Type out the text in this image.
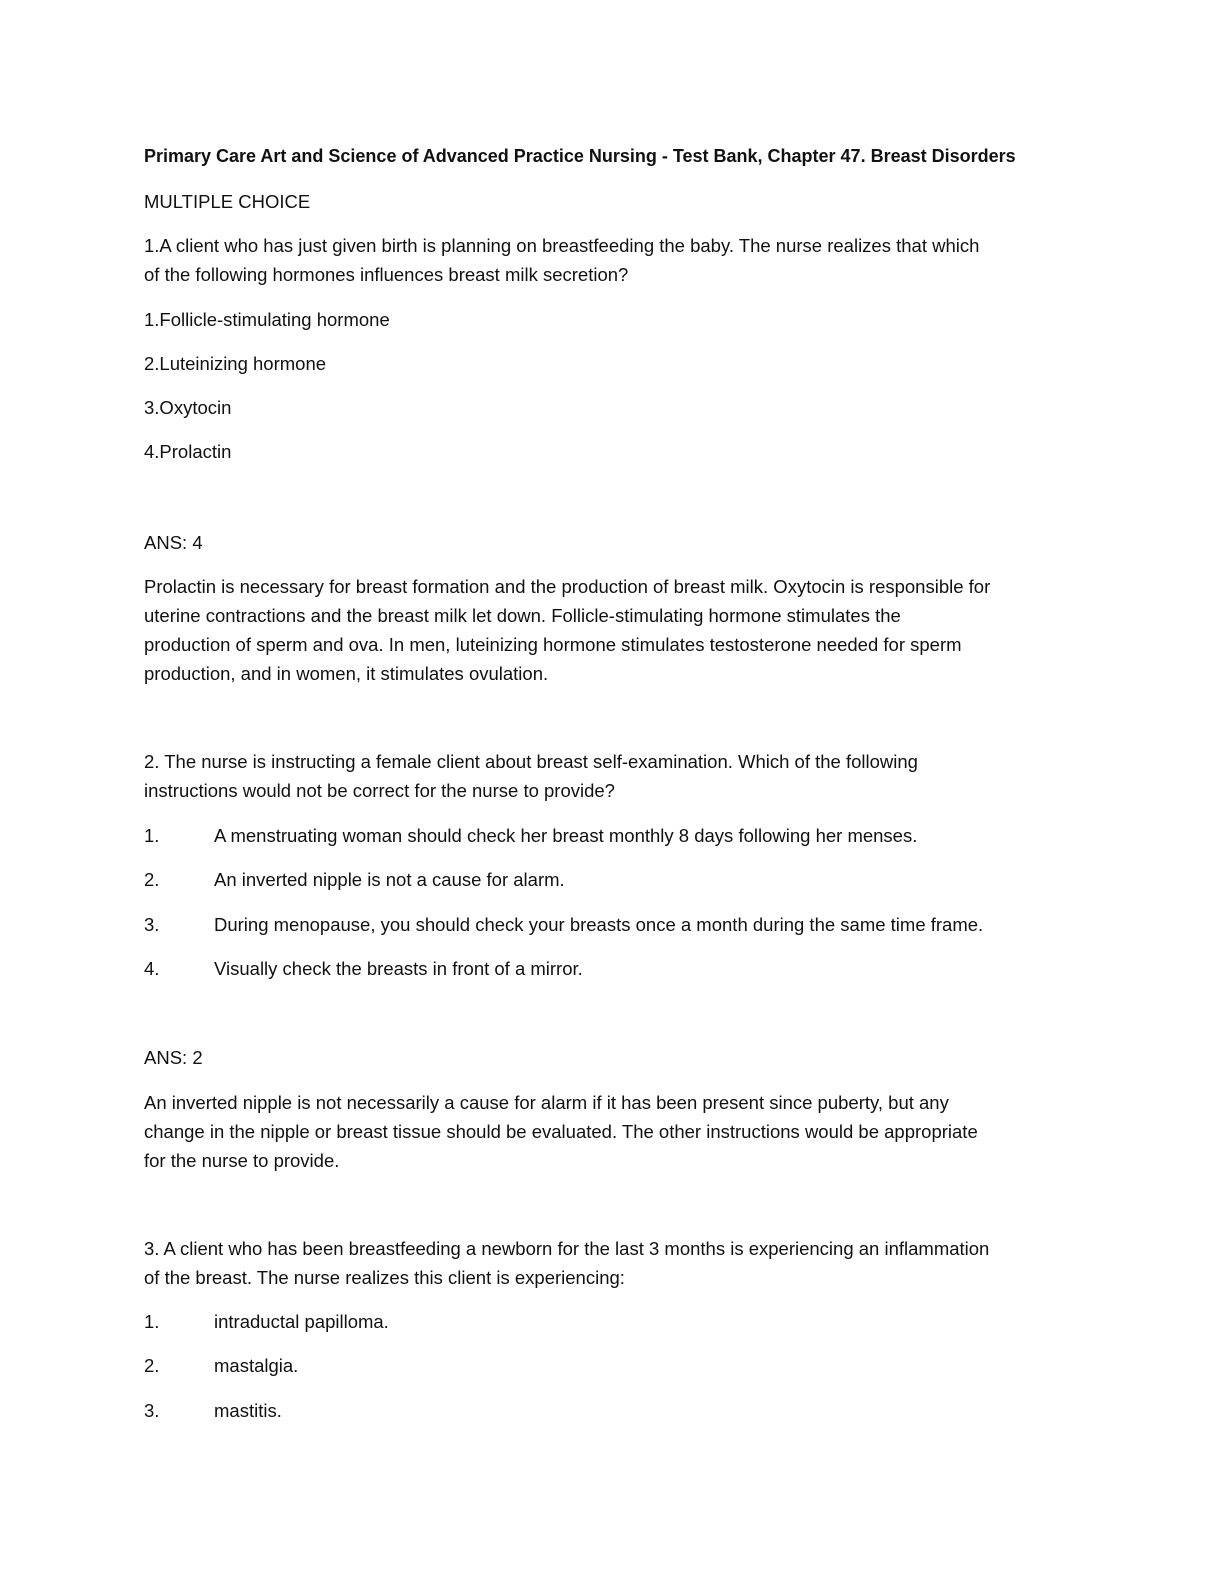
Primary Care Art and Science of Advanced Practice Nursing - Test Bank, Chapter 47. Breast Disorders

MULTIPLE CHOICE

1.A client who has just given birth is planning on breastfeeding the baby. The nurse realizes that which

of the following hormones influences breast milk secretion?

1.Follicle-stimulating hormone

2.Luteinizing hormone

3.Oxytocin

4.Prolactin

ANS: 4

Prolactin is necessary for breast formation and the production of breast milk. Oxytocin is responsible for

uterine contractions and the breast milk let down. Follicle-stimulating hormone stimulates the

production of sperm and ova. In men, luteinizing hormone stimulates testosterone needed for sperm

production, and in women, it stimulates ovulation.

2. The nurse is instructing a female client about breast self-examination. Which of the following

instructions would not be correct for the nurse to provide?

1.	A menstruating woman should check her breast monthly 8 days following her menses.
2.	An inverted nipple is not a cause for alarm.
3.	During menopause, you should check your breasts once a month during the same time frame.
4.	Visually check the breasts in front of a mirror.

ANS: 2

An inverted nipple is not necessarily a cause for alarm if it has been present since puberty, but any

change in the nipple or breast tissue should be evaluated. The other instructions would be appropriate

for the nurse to provide.

3. A client who has been breastfeeding a newborn for the last 3 months is experiencing an inflammation

of the breast. The nurse realizes this client is experiencing:

1.	intraductal papilloma.
2.	mastalgia.
3.	mastitis.
